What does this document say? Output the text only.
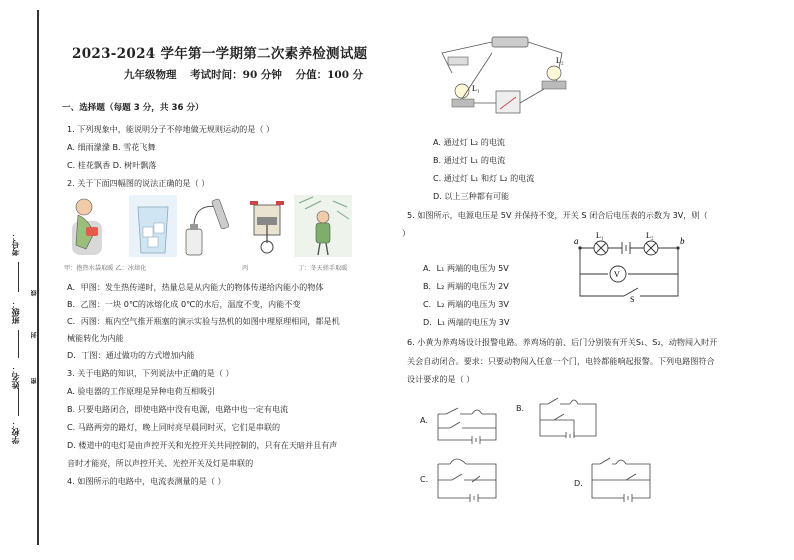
学校：
姓名：
班级：
考号：
线
封
密
2023-2024 学年第一学期第二次素养检测试题
九年级物理 考试时间：90 分钟 分值：100 分
一、选择题（每题 3 分，共 36 分）
1. 下列现象中，能说明分子不停地做无规则运动的是（ ）
A. 细雨濛濛 B. 雪花飞舞
C. 桂花飘香 D. 树叶飘落
2. 关于下面四幅图的说法正确的是（ ）
甲：抱热水袋取暖 乙：冰熔化	丙	丁：冬天搓手取暖
A．甲图：发生热传递时，热量总是从内能大的物体传递给内能小的物体
B．乙图：一块 0℃的冰熔化成 0℃的水后，温度不变，内能不变
C．丙图：瓶内空气推开瓶塞的演示实验与热机的如图中理原理相同，都是机
械能转化为内能
D．丁图：通过做功的方式增加内能
3. 关于电路的知识，下列说法中正确的是（ ）
A. 验电器的工作原理是异种电荷互相吸引
B. 只要电路闭合，即使电路中没有电源，电路中也一定有电流
C. 马路两旁的路灯，晚上同时亮早晨同时灭，它们是串联的
D. 楼道中的电灯是由声控开关和光控开关共同控制的，只有在天暗并且有声
音时才能亮，所以声控开关、光控开关及灯是串联的
4. 如图所示的电路中，电流表测量的是（ ）
L₁
L₂
A. 通过灯 L₂ 的电流
B. 通过灯 L₁ 的电流
C. 通过灯 L₁ 和灯 L₂ 的电流
D. 以上三种都有可能
5. 如图所示，电源电压是 5V 并保持不变，开关 S 闭合后电压表的示数为 3V，则（
）
A．L₁ 两端的电压为 5V
B．L₂ 两端的电压为 2V
C．L₂ 两端的电压为 3V
D．L₁ 两端的电压为 3V
6. 小黄为养鸡场设计报警电路。养鸡场的前、后门分别装有开关S₁、S₂，动物闯入时开
关会自动闭合。要求：只要动物闯入任意一个门，电铃都能响起报警。下列电路图符合
设计要求的是（ ）
a	b
L₁	L₂
V
S
A.
B.
C.	D.
